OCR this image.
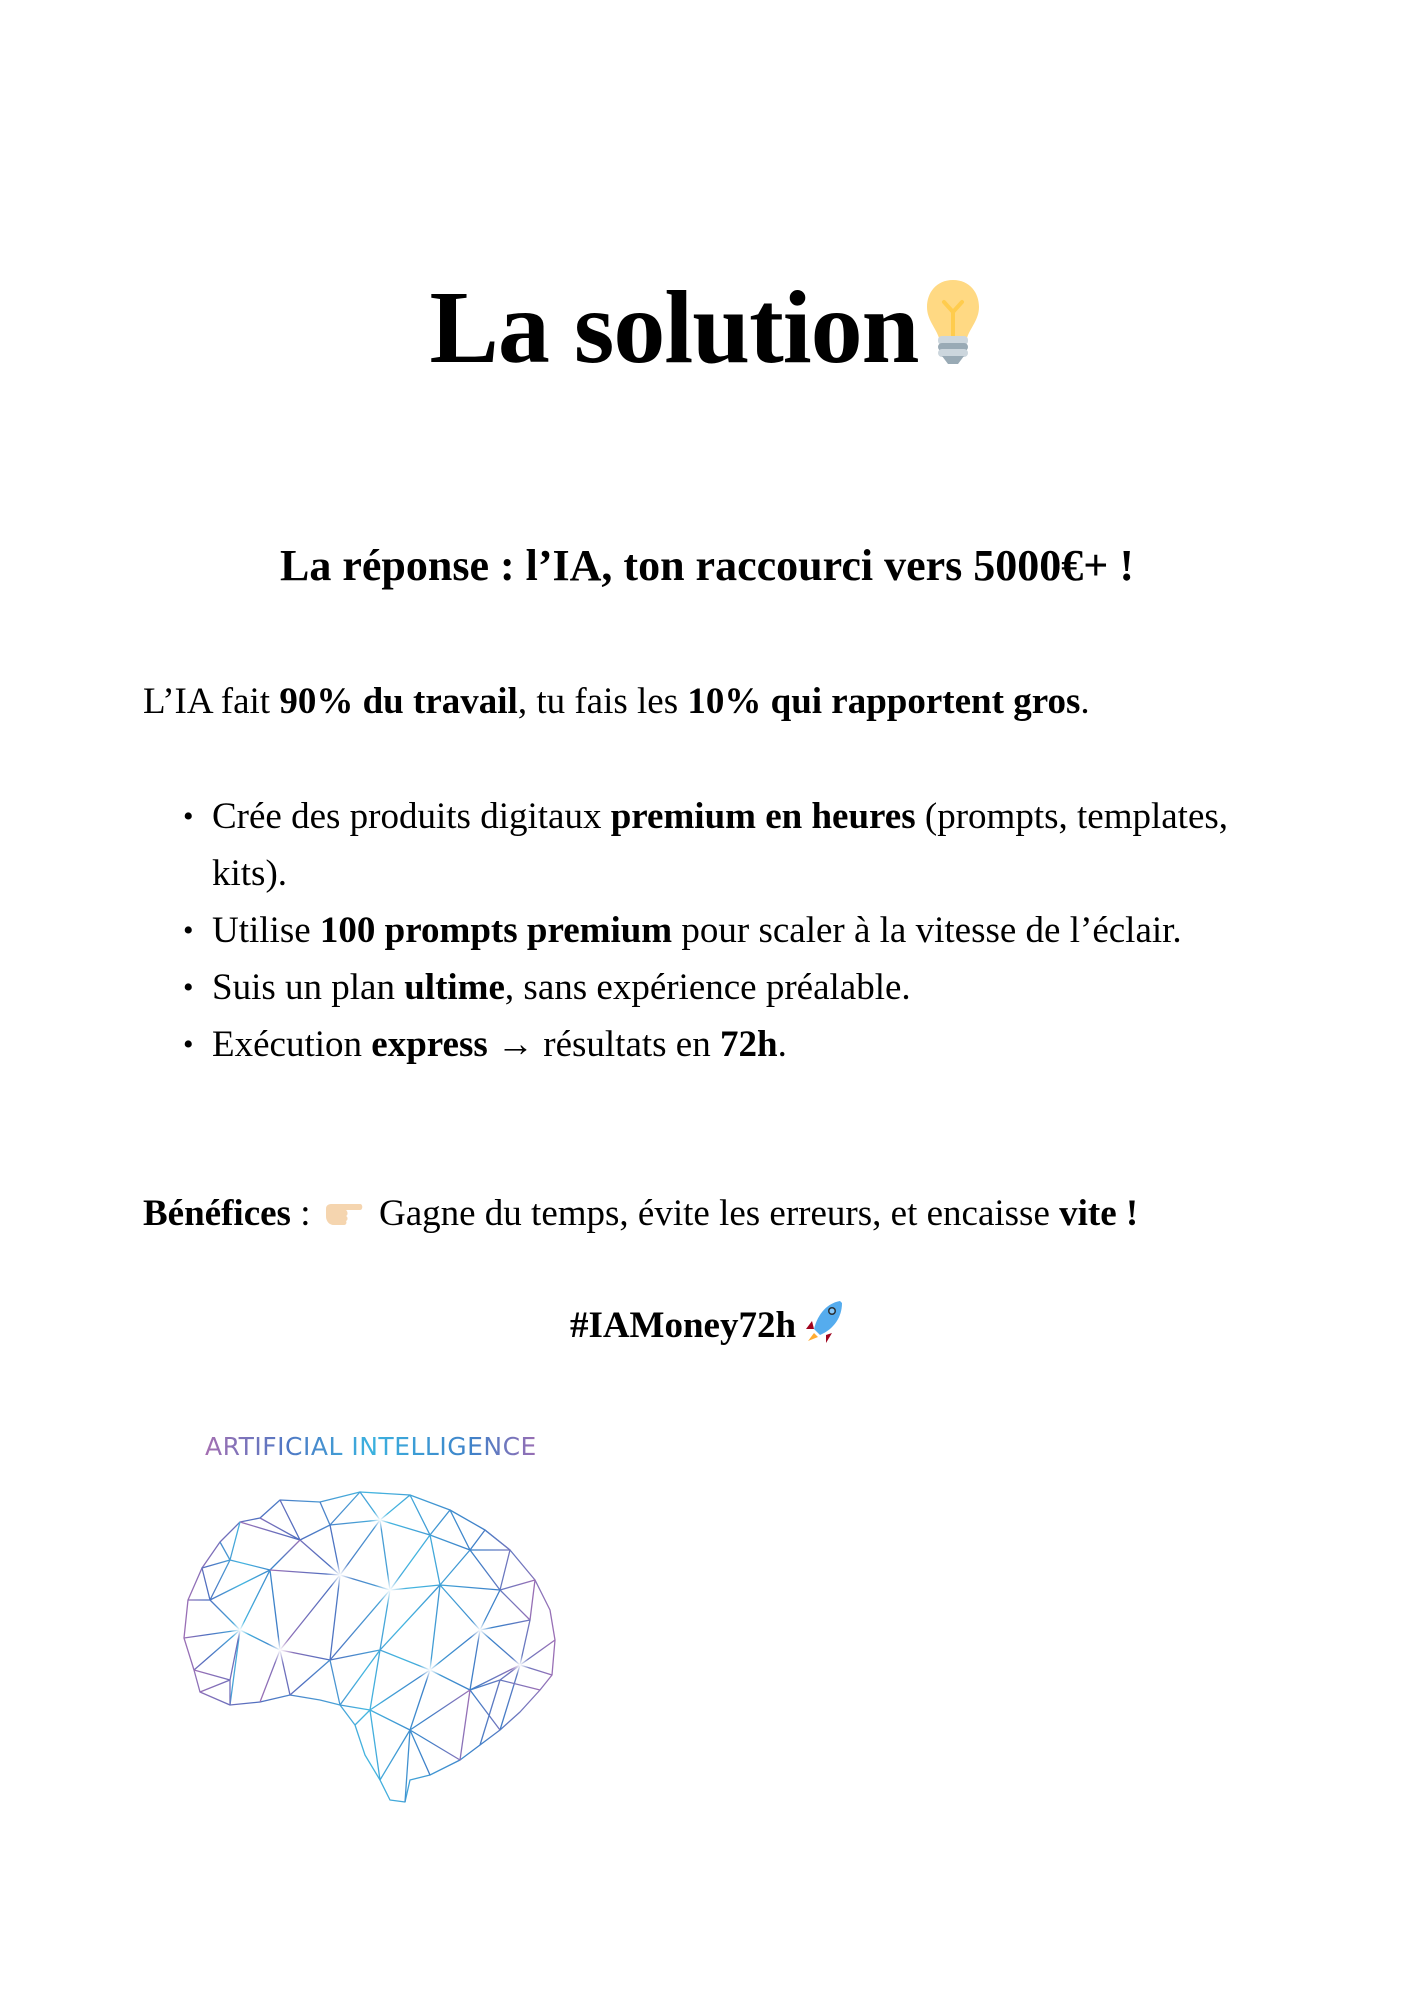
La solution
La réponse : l’IA, ton raccourci vers 5000€+ !
L’IA fait 90% du travail, tu fais les 10% qui rapportent gros.
• Crée des produits digitaux premium en heures (prompts, templates, kits).
• Utilise 100 prompts premium pour scaler à la vitesse de l’éclair.
• Suis un plan ultime, sans expérience préalable.
• Exécution express → résultats en 72h.
Bénéfices :  Gagne du temps, évite les erreurs, et encaisse vite !
#IAMoney72h
ARTIFICIAL INTELLIGENCE
